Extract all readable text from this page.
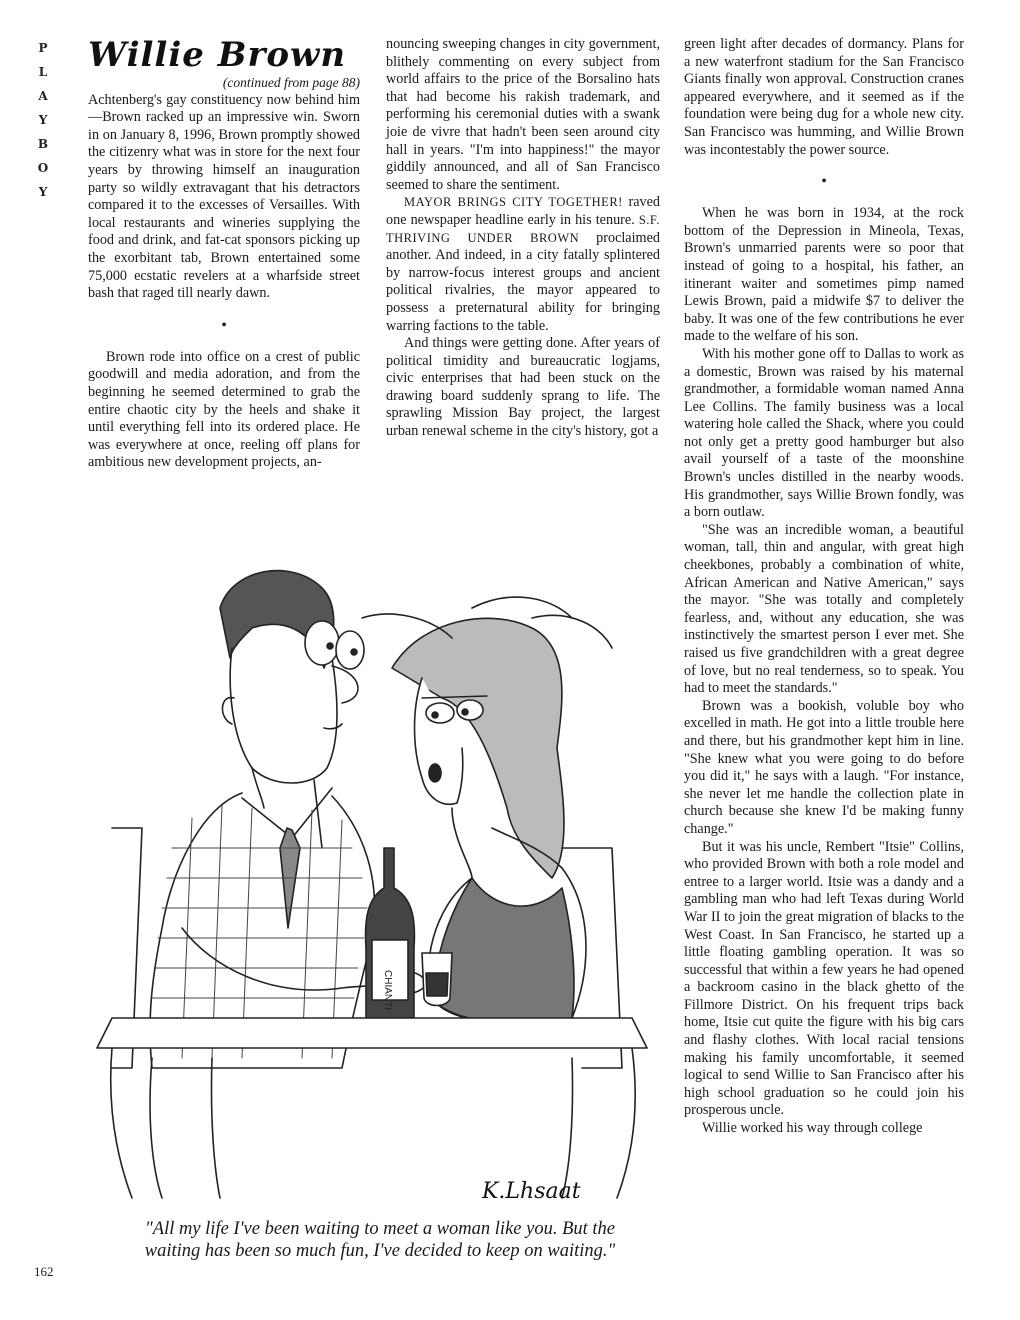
P
L
A
Y
B
O
Y
Willie Brown

(continued from page 88)

Achtenberg's gay constituency now behind him—Brown racked up an impressive win. Sworn in on January 8, 1996, Brown promptly showed the citizenry what was in store for the next four years by throwing himself an inauguration party so wildly extravagant that his detractors compared it to the excesses of Versailles. With local restaurants and wineries supplying the food and drink, and fat-cat sponsors picking up the exorbitant tab, Brown entertained some 75,000 ecstatic revelers at a wharfside street bash that raged till nearly dawn.

•

Brown rode into office on a crest of public goodwill and media adoration, and from the beginning he seemed determined to grab the entire chaotic city by the heels and shake it until everything fell into its ordered place. He was everywhere at once, reeling off plans for ambitious new development projects, an-

nouncing sweeping changes in city government, blithely commenting on every subject from world affairs to the price of the Borsalino hats that had become his rakish trademark, and performing his ceremonial duties with a swank joie de vivre that hadn't been seen around city hall in years. "I'm into happiness!" the mayor giddily announced, and all of San Francisco seemed to share the sentiment.

MAYOR BRINGS CITY TOGETHER! raved one newspaper headline early in his tenure. S.F. THRIVING UNDER BROWN proclaimed another. And indeed, in a city fatally splintered by narrow-focus interest groups and ancient political rivalries, the mayor appeared to possess a preternatural ability for bringing warring factions to the table.

And things were getting done. After years of political timidity and bureaucratic logjams, civic enterprises that had been stuck on the drawing board suddenly sprang to life. The sprawling Mission Bay project, the largest urban renewal scheme in the city's history, got a

green light after decades of dormancy. Plans for a new waterfront stadium for the San Francisco Giants finally won approval. Construction cranes appeared everywhere, and it seemed as if the foundation were being dug for a whole new city. San Francisco was humming, and Willie Brown was incontestably the power source.

•

When he was born in 1934, at the rock bottom of the Depression in Mineola, Texas, Brown's unmarried parents were so poor that instead of going to a hospital, his father, an itinerant waiter and sometimes pimp named Lewis Brown, paid a midwife $7 to deliver the baby. It was one of the few contributions he ever made to the welfare of his son.

With his mother gone off to Dallas to work as a domestic, Brown was raised by his maternal grandmother, a formidable woman named Anna Lee Collins. The family business was a local watering hole called the Shack, where you could not only get a pretty good hamburger but also avail yourself of a taste of the moonshine Brown's uncles distilled in the nearby woods. His grandmother, says Willie Brown fondly, was a born outlaw.

"She was an incredible woman, a beautiful woman, tall, thin and angular, with great high cheekbones, probably a combination of white, African American and Native American," says the mayor. "She was totally and completely fearless, and, without any education, she was instinctively the smartest person I ever met. She raised us five grandchildren with a great degree of love, but no real tenderness, so to speak. You had to meet the standards."

Brown was a bookish, voluble boy who excelled in math. He got into a little trouble here and there, but his grandmother kept him in line. "She knew what you were going to do before you did it," he says with a laugh. "For instance, she never let me handle the collection plate in church because she knew I'd be making funny change."

But it was his uncle, Rembert "Itsie" Collins, who provided Brown with both a role model and entree to a larger world. Itsie was a dandy and a gambling man who had left Texas during World War II to join the great migration of blacks to the West Coast. In San Francisco, he started up a little floating gambling operation. It was so successful that within a few years he had opened a backroom casino in the black ghetto of the Fillmore District. On his frequent trips back home, Itsie cut quite the figure with his big cars and flashy clothes. With local racial tensions making his family uncomfortable, it seemed logical to send Willie to San Francisco after his high school graduation so he could join his prosperous uncle.

Willie worked his way through college

CHIANTI
K.Lhsaat

"All my life I've been waiting to meet a woman like you. But the waiting has been so much fun, I've decided to keep on waiting."

162
